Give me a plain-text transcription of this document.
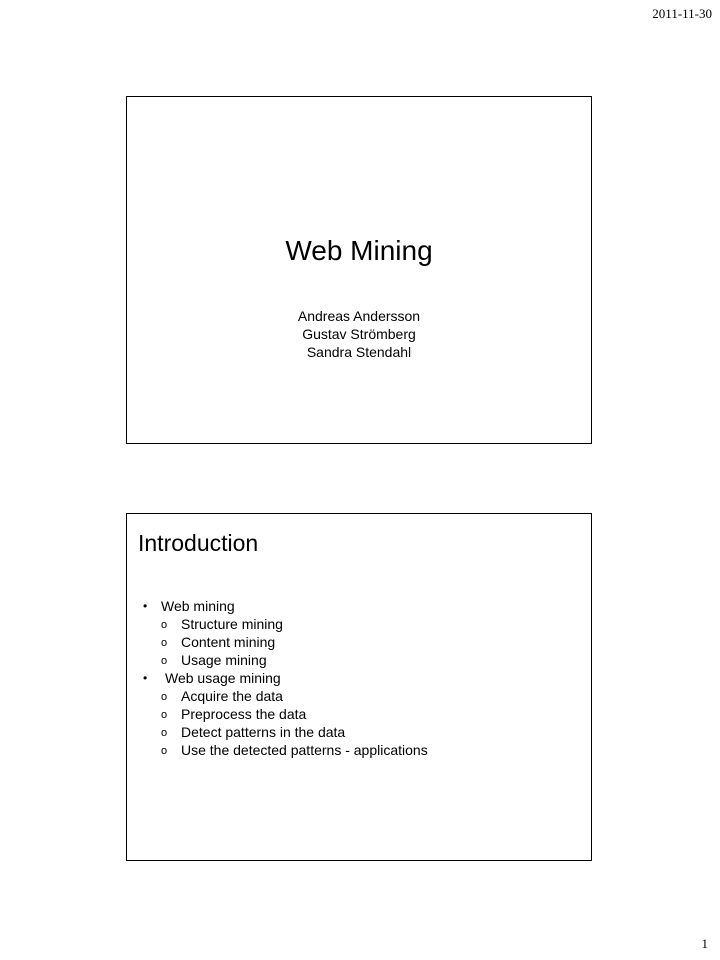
2011-11-30
Web Mining
Andreas Andersson
Gustav Strömberg
Sandra Stendahl
Introduction
• Web mining
o Structure mining
o Content mining
o Usage mining
• Web usage mining
o Acquire the data
o Preprocess the data
o Detect patterns in the data
o Use the detected patterns - applications
1
